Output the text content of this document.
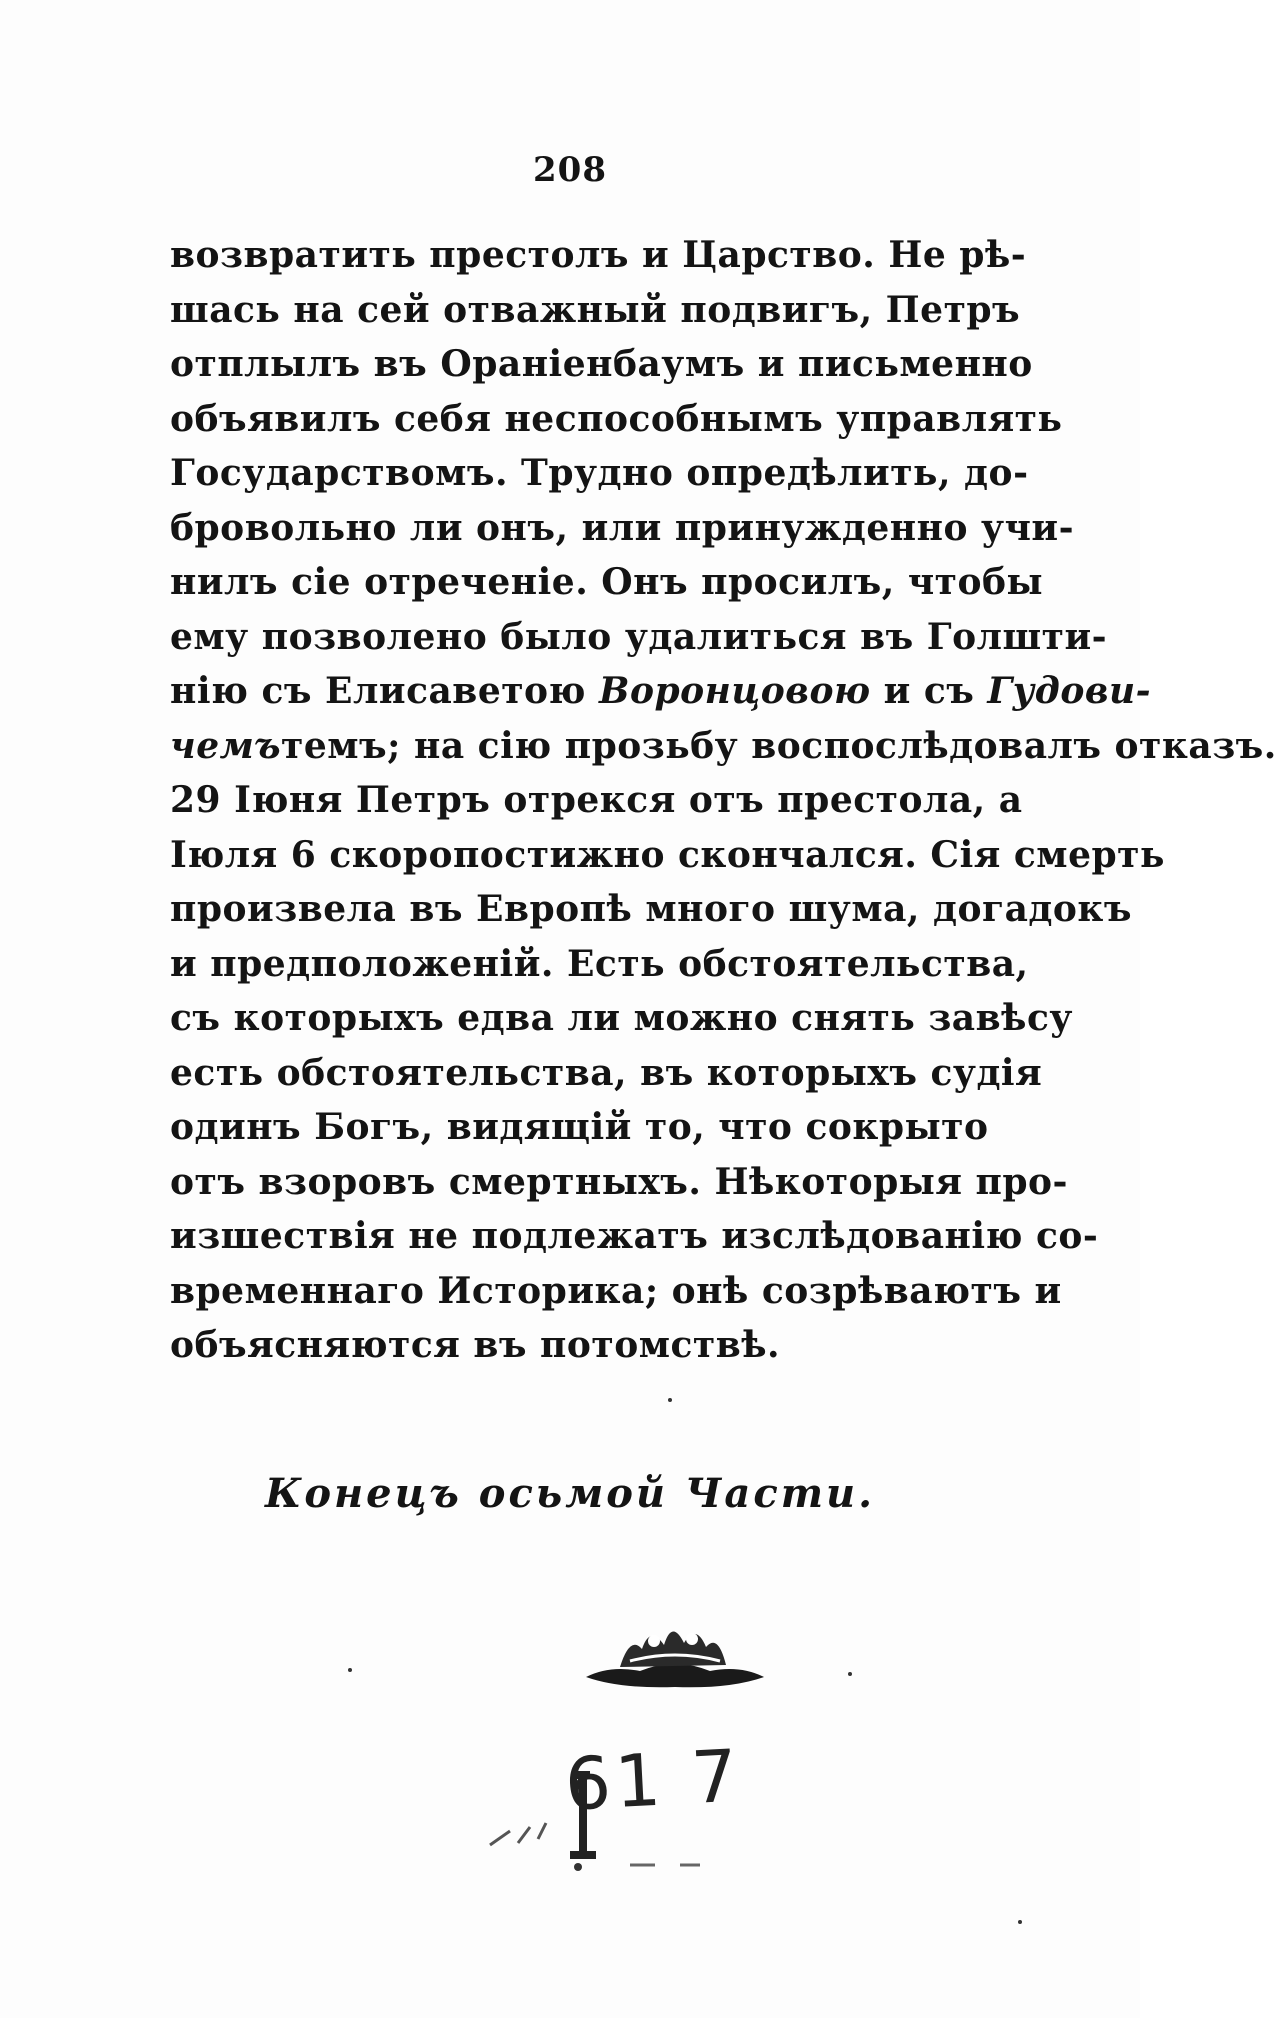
208
возвратить престолъ и Царство. Не рѣ-
шась на сей отважный подвигъ, Петръ
отплылъ въ Ораніенбаумъ и письменно
объявилъ себя неспособнымъ управлять
Государствомъ. Трудно опредѣлить, до-
бровольно ли онъ, или принужденно учи-
нилъ сіе отреченіе. Онъ просилъ, чтобы
ему позволено было удалиться въ Голшти-
нію съ Елисаветою Воронцовою и съ Гудови-
чемътемъ; на сію прозьбу воспослѣдовалъ отказъ.
29 Іюня Петръ отрекся отъ престола, а
Іюля 6 скоропостижно скончался. Сія смерть
произвела въ Европѣ много шума, догадокъ
и предположеній. Есть обстоятельства,
съ которыхъ едва ли можно снять завѣсу
есть обстоятельства, въ которыхъ судія
одинъ Богъ, видящій то, что сокрыто
отъ взоровъ смертныхъ. Нѣкоторыя про-
изшествія не подлежатъ изслѣдованію со-
временнаго Историка; онѣ созрѣваютъ и
объясняются въ потомствѣ.
Конецъ осьмой Части.
61 7
